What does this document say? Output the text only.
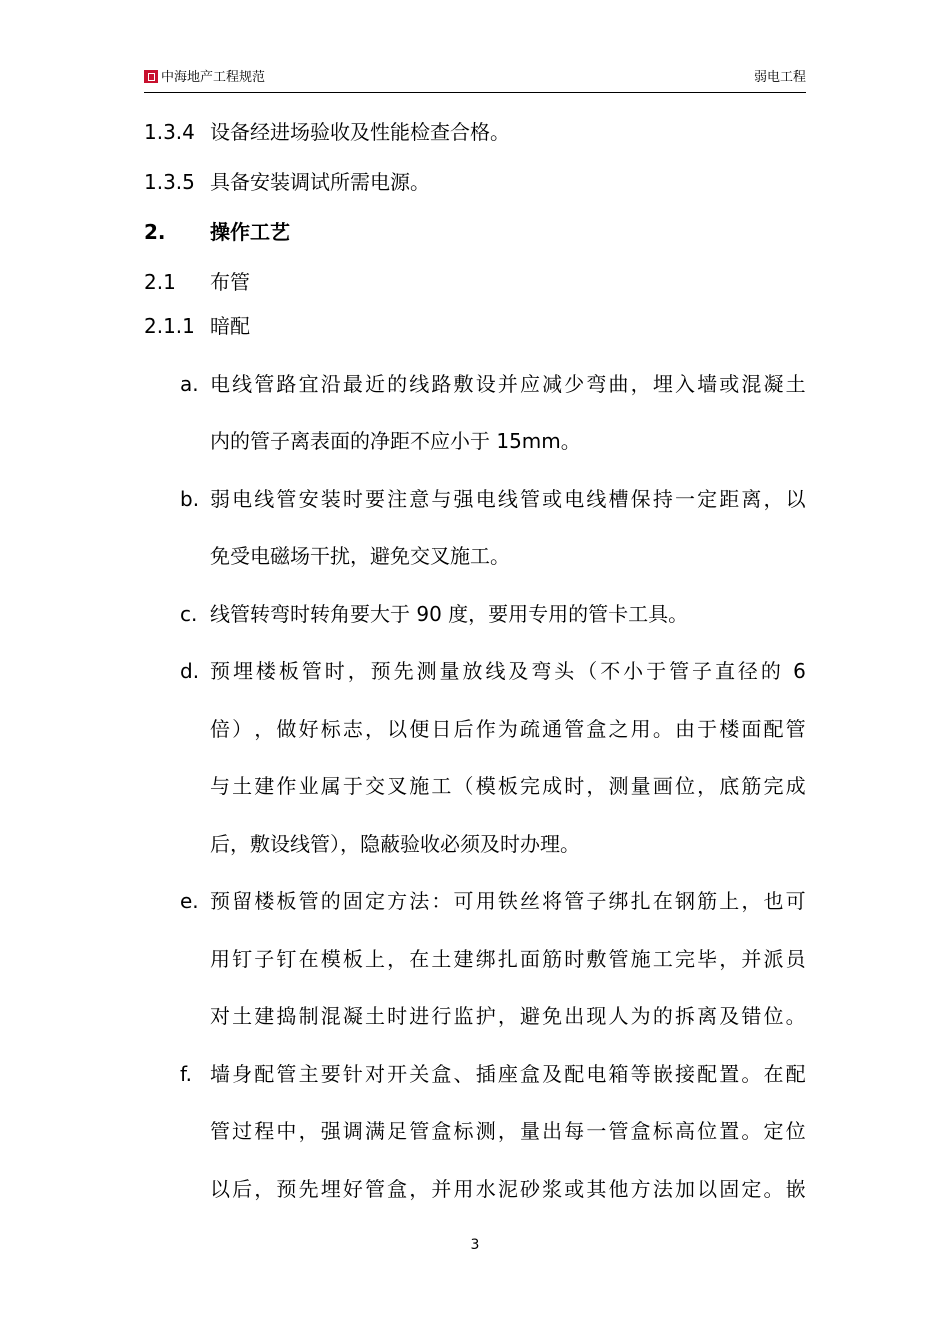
中海地产工程规范	弱电工程
1.3.4 设备经进场验收及性能检查合格。
1.3.5 具备安装调试所需电源。
2. 操作工艺
2.1 布管
2.1.1 暗配
a. 电 线 管 路 宜 沿 最 近 的 线 路 敷 设 并 应 减 少 弯 曲 ， 埋 入 墙 或 混 凝 土
内的管子离表面的净距不应小于 15mm。
b. 弱 电 线 管 安 装 时 要 注 意 与 强 电 线 管 或 电 线 槽 保 持 一 定 距 离 ， 以
免受电磁场干扰，避免交叉施工。
c. 线管转弯时转角要大于 90 度，要用专用的管卡工具。
d. 预 埋 楼 板 管 时 ， 预 先 测 量 放 线 及 弯 头 （ 不 小 于 管 子 直 径 的
6
倍 ） ， 做 好 标 志 ， 以 便 日 后 作 为 疏 通 管 盒 之 用 。 由 于 楼 面 配 管
与 土 建 作 业 属 于 交 叉 施 工 （ 模 板 完 成 时 ， 测 量 画 位 ， 底 筋 完 成
后，敷设线管），隐蔽验收必须及时办理。
e. 预 留 楼 板 管 的 固 定 方 法 ： 可 用 铁 丝 将 管 子 绑 扎 在 钢 筋 上 ， 也 可
用 钉 子 钉 在 模 板 上 ， 在 土 建 绑 扎 面 筋 时 敷 管 施 工 完 毕 ， 并 派 员
对 土 建 捣 制 混 凝 土 时 进 行 监 护 ， 避 免 出 现 人 为 的 拆 离 及 错 位 。
f. 墙 身 配 管 主 要 针 对 开 关 盒 、 插 座 盒 及 配 电 箱 等 嵌 接 配 置 。 在 配
管 过 程 中 ， 强 调 满 足 管 盒 标 测 ， 量 出 每 一 管 盒 标 高 位 置 。 定 位
以 后 ， 预 先 埋 好 管 盒 ， 并 用 水 泥 砂 浆 或 其 他 方 法 加 以 固 定 。 嵌
3
